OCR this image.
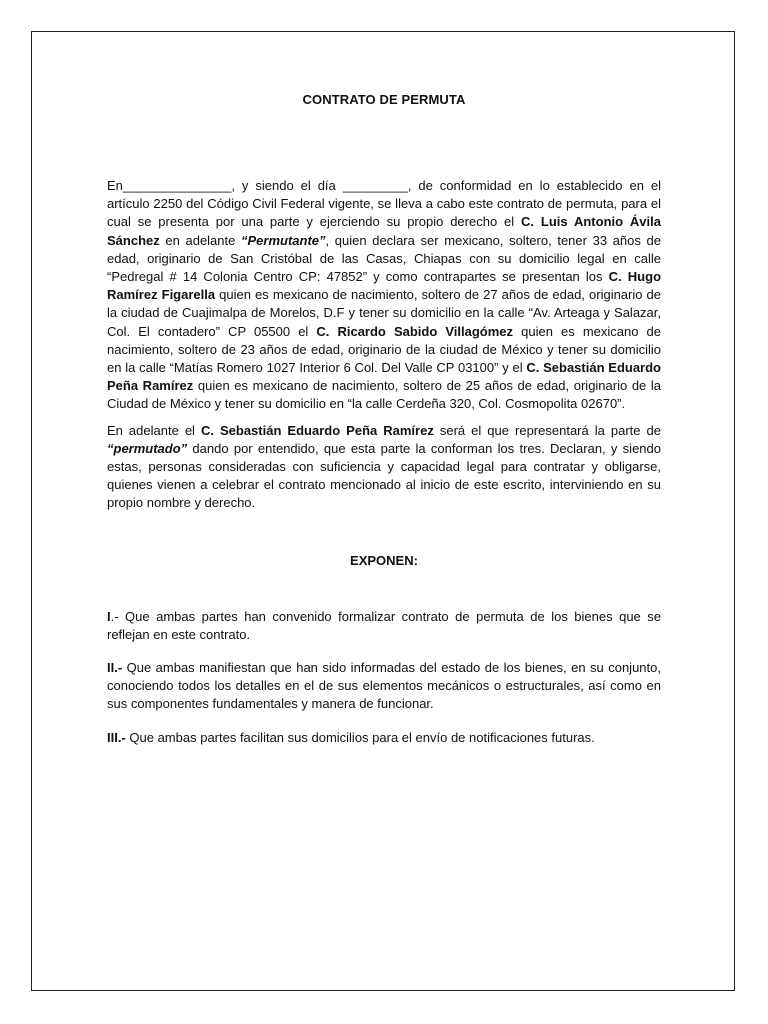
CONTRATO DE PERMUTA

En_______________, y siendo el día _________, de conformidad en lo establecido en el artículo 2250 del Código Civil Federal vigente, se lleva a cabo este contrato de permuta, para el cual se presenta por una parte y ejerciendo su propio derecho el C. Luis Antonio Ávila Sánchez en adelante “Permutante”, quien declara ser mexicano, soltero, tener 33 años de edad, originario de San Cristóbal de las Casas, Chiapas con su domicilio legal en calle “Pedregal # 14 Colonia Centro CP: 47852” y como contrapartes se presentan los C. Hugo Ramírez Figarella quien es mexicano de nacimiento, soltero de 27 años de edad, originario de la ciudad de Cuajimalpa de Morelos, D.F y tener su domicilio en la calle “Av. Arteaga y Salazar, Col. El contadero” CP 05500 el C. Ricardo Sabido Villagómez quien es mexicano de nacimiento, soltero de 23 años de edad, originario de la ciudad de México y tener su domicilio en la calle “Matías Romero 1027 Interior 6 Col. Del Valle CP 03100” y el C. Sebastián Eduardo Peña Ramírez quien es mexicano de nacimiento, soltero de 25 años de edad, originario de la Ciudad de México y tener su domicilio en “la calle Cerdeña 320, Col. Cosmopolita 02670”.

En adelante el C. Sebastián Eduardo Peña Ramírez será el que representará la parte de “permutado” dando por entendido, que esta parte la conforman los tres. Declaran, y siendo estas, personas consideradas con suficiencia y capacidad legal para contratar y obligarse, quienes vienen a celebrar el contrato mencionado al inicio de este escrito, interviniendo en su propio nombre y derecho.

EXPONEN:

I.- Que ambas partes han convenido formalizar contrato de permuta de los bienes que se reflejan en este contrato.

II.- Que ambas manifiestan que han sido informadas del estado de los bienes, en su conjunto, conociendo todos los detalles en el de sus elementos mecánicos o estructurales, así como en sus componentes fundamentales y manera de funcionar.

III.- Que ambas partes facilitan sus domicilios para el envío de notificaciones futuras.
